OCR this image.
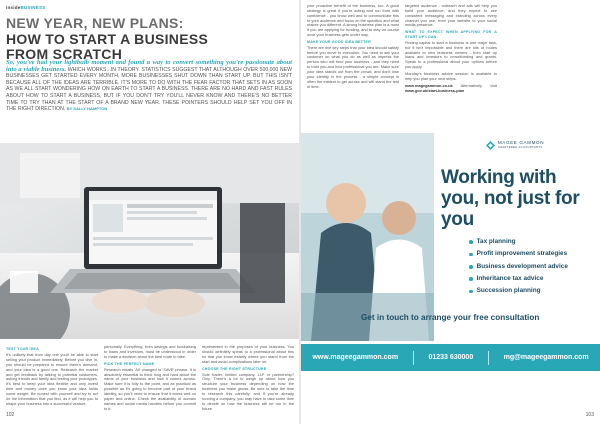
insideBUSINESS
NEW YEAR, NEW PLANS:
HOW TO START A BUSINESS
FROM SCRATCH

So, you've had your lightbulb moment and found a way to convert something you're passionate about into a viable business. WHICH WORKS...IN THEORY. STATISTICS SUGGEST THAT ALTHOUGH OVER 500,000 NEW BUSINESSES GET STARTED EVERY MONTH, MORE BUSINESSES SHUT DOWN THAN START UP. BUT THIS ISN'T BECAUSE ALL OF THE IDEAS ARE TERRIBLE. IT'S MORE TO DO WITH THE FEAR FACTOR THAT SETS IN AS SOON AS WE ALL START WONDERING HOW ON EARTH TO START A BUSINESS. THERE ARE NO HARD AND FAST RULES ABOUT HOW TO START A BUSINESS, BUT IF YOU DON'T TRY YOU'LL NEVER KNOW AND THERE'S NO BETTER TIME TO TRY THAN AT THE START OF A BRAND NEW YEAR. THESE POINTERS SHOULD HELP SET YOU OFF IN THE RIGHT DIRECTION. BY SALLY HAMPTON

TEST YOUR IDEA

It's unlikely that from day one you'll be able to start selling your product immediately. Before you dive in, you should be prepared to ensure there's demand, and your idea is a good one. Research the market and get feedback by talking to potential customers, asking friends and family and testing your prototypes. It's best to keep your idea flexible and only invest time and money once you know your idea holds some weight. Be honest with yourself and try to act on the information that you find, as it will help you to shape your business into a successful venture.

personally. Everything, from savings and fundraising to loans and investors, must be understood in order to make a decision about the best route to take.

PICK THE PERFECT NAME

Research entails 'All' changed to 'SAVE' phrase. It is absolutely essential to think long and hard about the name of your business and how it comes across. Make sure it is fully to the point, and as practical as possible as it's going to become part of your brand identity, so you'll need to ensure that it works well on paper and online. Check the availability of domain names and social media handles before you commit to it.

represented in the purposes of your business. You should definitely speak to a professional about this so that you know exactly where you stand from the start and avoid complications later on.

CHOOSE THE RIGHT STRUCTURE

Sole trader, limited company, LLP or partnership? Only. There's a lot to weigh up about how you structure your business depending on how the business you make grows. Be sure to take the time to research this carefully, and if you're already running a company, you may have to take some time to decide on how the business will be run in the future.

102

your proactive benefit of the business, too. A good strategy is great if you're acting and run from with confidence - you know well and to communicate this to your audience and focus on the specifics and what makes you different. A strong business plan is a must if you are applying for funding, and to stay on course once your business gets under way.

MAKE YOUR GOOD IDEA BETTER

There are five key steps that your idea should satisfy before you move to execution. You need to sell your customer on what you do as well as impress the person who will fund your business - and they need to trust you and how professional you are. Make sure your idea stands out from the crowd, and don't lose your identity in the process - a simple concept is often the easiest to get across and will stand the test of time.

targeted audience - outreach and ads will help you build your audience, and they expect to see consistent messaging and branding across every channel you use, from your website to your social media presence.

WHAT TO EXPECT WHEN APPLYING FOR A START UP LOAN

Finding capital to start a business is one major task, but it isn't impossible and there are lots of routes available to new business owners - from start up loans and investors to crowdfunding and grants. Speak to a professional about your options before you apply.

Monday's business advice session is available to help you plan your next steps.

www.magegammon.co.uk Alternatively visit www.gov.uk/start-business-plan

MAGEE GAMMON
CHARTERED ACCOUNTANTS
Working with you, not just for you
Tax planning
Profit improvement strategies
Business development advice
Inheritance tax advice
Succession planning
Get in touch to arrange your free consultation
www.mageegammon.com	01233 630000	mg@mageegammon.com
103
